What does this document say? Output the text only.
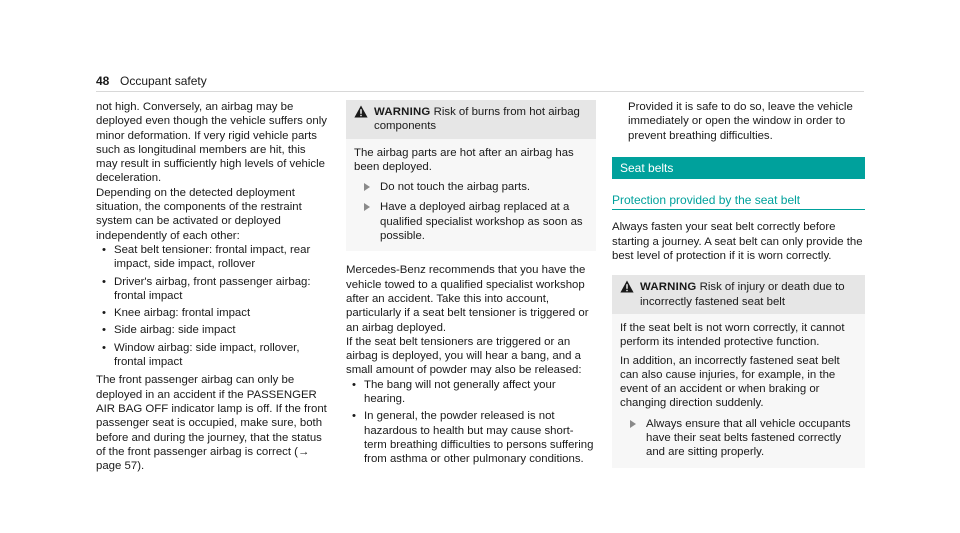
48 Occupant safety

not high. Conversely, an airbag may be deployed even though the vehicle suffers only minor deformation. If very rigid vehicle parts such as longitudinal members are hit, this may result in sufficiently high levels of vehicle deceleration.

Depending on the detected deployment situation, the components of the restraint system can be activated or deployed independently of each other:

• Seat belt tensioner: frontal impact, rear impact, side impact, rollover
• Driver's airbag, front passenger airbag: frontal impact
• Knee airbag: frontal impact
• Side airbag: side impact
• Window airbag: side impact, rollover, frontal impact

The front passenger airbag can only be deployed in an accident if the PASSENGER AIR BAG OFF indicator lamp is off. If the front passenger seat is occupied, make sure, both before and during the journey, that the status of the front passenger airbag is correct (→ page 57).

WARNING Risk of burns from hot airbag components

The airbag parts are hot after an airbag has been deployed.

Do not touch the airbag parts.
Have a deployed airbag replaced at a qualified specialist workshop as soon as possible.

Mercedes-Benz recommends that you have the vehicle towed to a qualified specialist workshop after an accident. Take this into account, particularly if a seat belt tensioner is triggered or an airbag deployed.

If the seat belt tensioners are triggered or an airbag is deployed, you will hear a bang, and a small amount of powder may also be released:

• The bang will not generally affect your hearing.
• In general, the powder released is not hazardous to health but may cause short-term breathing difficulties to persons suffering from asthma or other pulmonary conditions.

Provided it is safe to do so, leave the vehicle immediately or open the window in order to prevent breathing difficulties.

Seat belts
Protection provided by the seat belt

Always fasten your seat belt correctly before starting a journey. A seat belt can only provide the best level of protection if it is worn correctly.

WARNING Risk of injury or death due to incorrectly fastened seat belt

If the seat belt is not worn correctly, it cannot perform its intended protective function.

In addition, an incorrectly fastened seat belt can also cause injuries, for example, in the event of an accident or when braking or changing direction suddenly.

Always ensure that all vehicle occupants have their seat belts fastened correctly and are sitting properly.
